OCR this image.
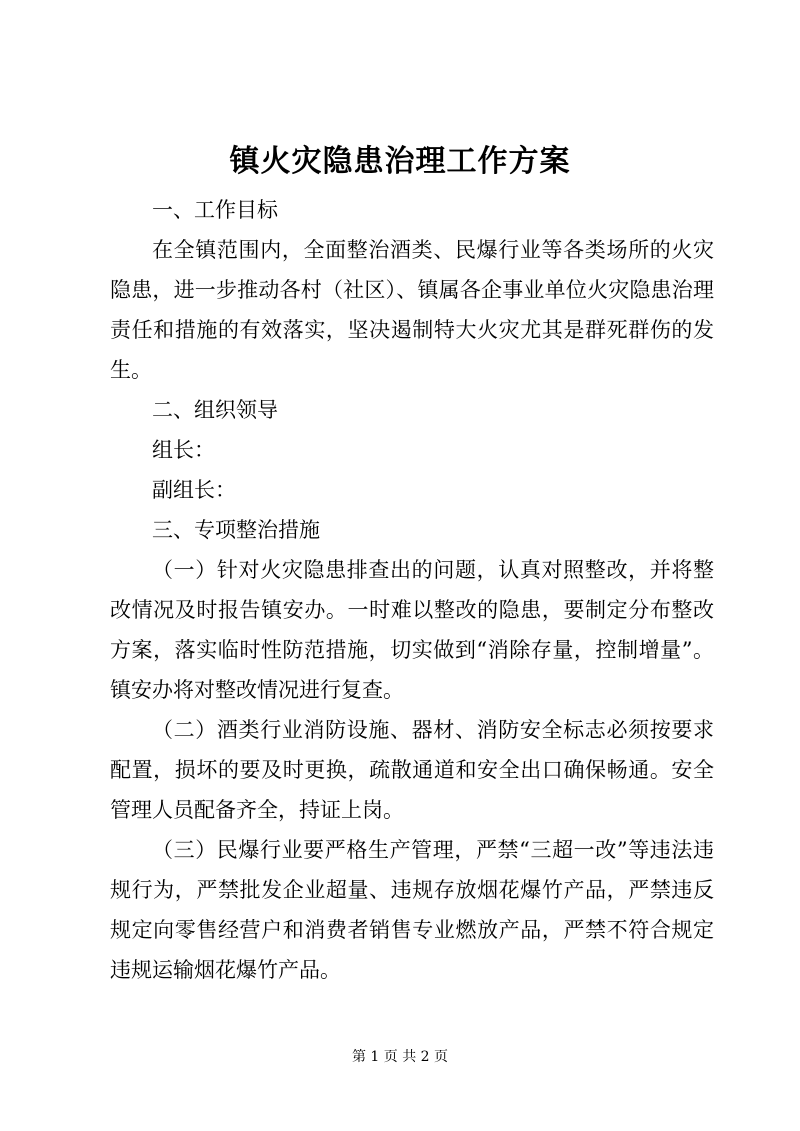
镇火灾隐患治理工作方案

一、工作目标

在全镇范围内，全面整治酒类、民爆行业等各类场所的火灾隐患，进一步推动各村（社区）、镇属各企事业单位火灾隐患治理责任和措施的有效落实，坚决遏制特大火灾尤其是群死群伤的发生。

二、组织领导

组长：

副组长：

三、专项整治措施

（一）针对火灾隐患排查出的问题，认真对照整改，并将整改情况及时报告镇安办。一时难以整改的隐患，要制定分布整改方案，落实临时性防范措施，切实做到“消除存量，控制增量”。镇安办将对整改情况进行复查。

（二）酒类行业消防设施、器材、消防安全标志必须按要求配置，损坏的要及时更换，疏散通道和安全出口确保畅通。安全管理人员配备齐全，持证上岗。

（三）民爆行业要严格生产管理，严禁“三超一改”等违法违规行为，严禁批发企业超量、违规存放烟花爆竹产品，严禁违反规定向零售经营户和消费者销售专业燃放产品，严禁不符合规定违规运输烟花爆竹产品。

第 1 页 共 2 页
